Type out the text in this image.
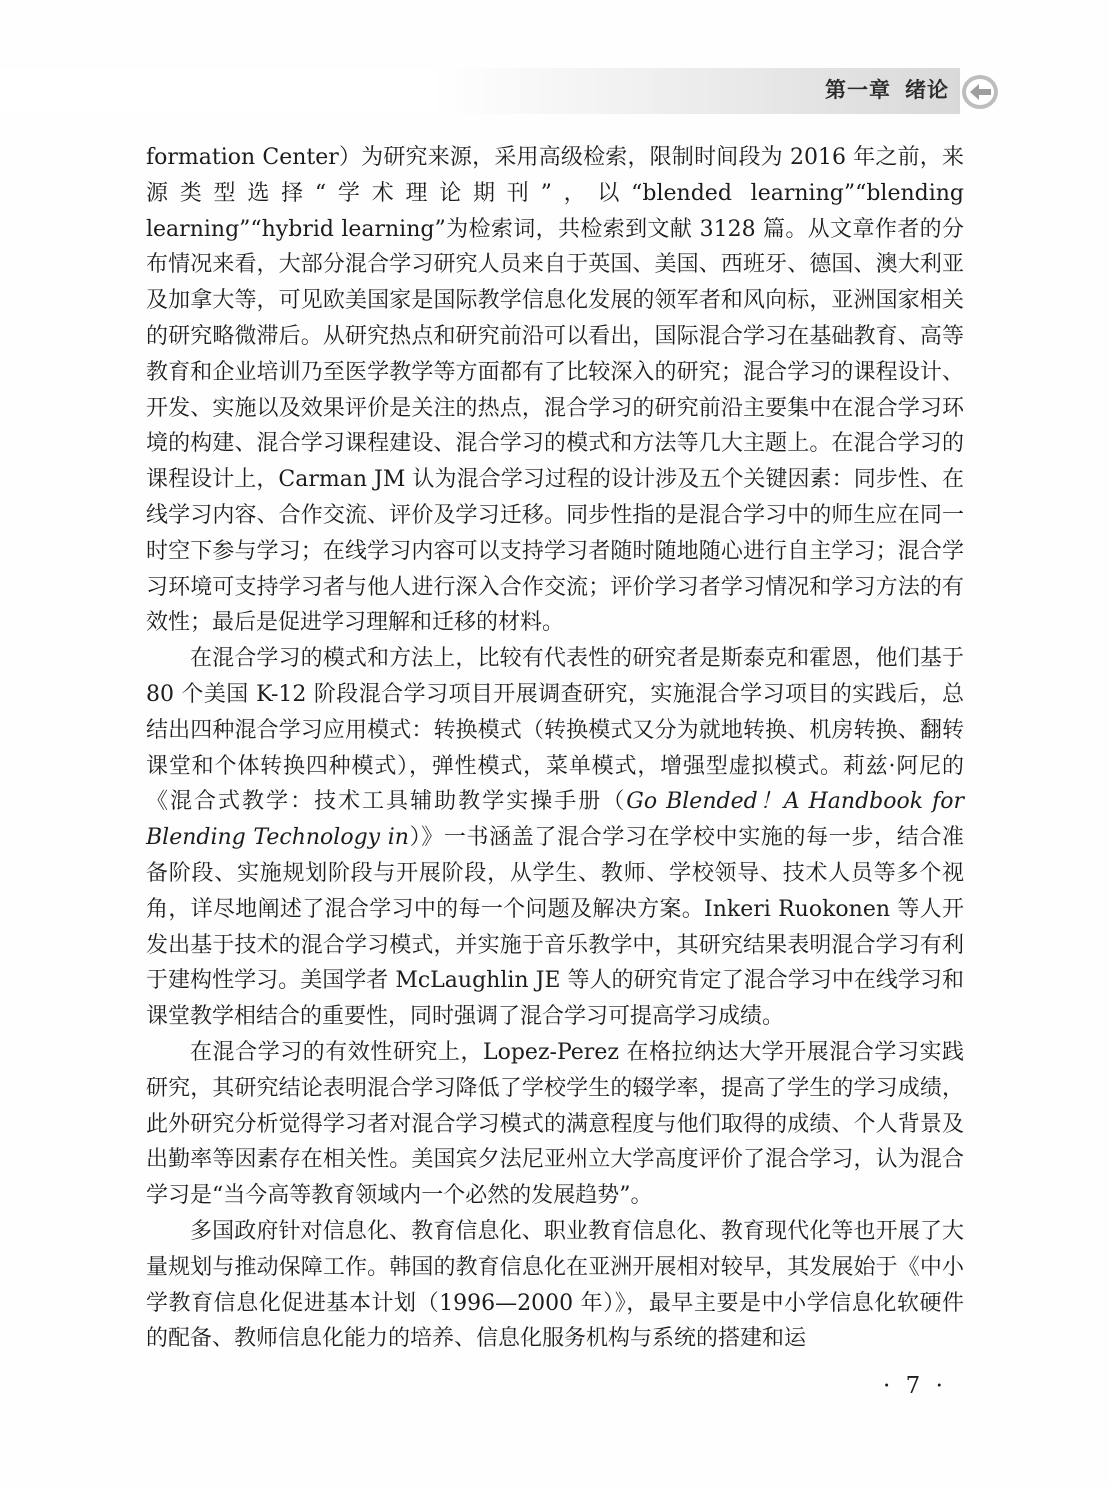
第一章 绪论

formation Center）为研究来源，采用高级检索，限制时间段为 2016 年之前，来源类型选择“学术理论期刊”，以“blended learning”“blending learning”“hybrid learning”为检索词，共检索到文献 3128 篇。从文章作者的分布情况来看，大部分混合学习研究人员来自于英国、美国、西班牙、德国、澳大利亚及加拿大等，可见欧美国家是国际教学信息化发展的领军者和风向标，亚洲国家相关的研究略微滞后。从研究热点和研究前沿可以看出，国际混合学习在基础教育、高等教育和企业培训乃至医学教学等方面都有了比较深入的研究；混合学习的课程设计、开发、实施以及效果评价是关注的热点，混合学习的研究前沿主要集中在混合学习环境的构建、混合学习课程建设、混合学习的模式和方法等几大主题上。在混合学习的课程设计上，Carman JM 认为混合学习过程的设计涉及五个关键因素：同步性、在线学习内容、合作交流、评价及学习迁移。同步性指的是混合学习中的师生应在同一时空下参与学习；在线学习内容可以支持学习者随时随地随心进行自主学习；混合学习环境可支持学习者与他人进行深入合作交流；评价学习者学习情况和学习方法的有效性；最后是促进学习理解和迁移的材料。

在混合学习的模式和方法上，比较有代表性的研究者是斯泰克和霍恩，他们基于 80 个美国 K-12 阶段混合学习项目开展调查研究，实施混合学习项目的实践后，总结出四种混合学习应用模式：转换模式（转换模式又分为就地转换、机房转换、翻转课堂和个体转换四种模式），弹性模式，菜单模式，增强型虚拟模式。莉兹·阿尼的《混合式教学：技术工具辅助教学实操手册（Go Blended！A Handbook for Blending Technology in）》一书涵盖了混合学习在学校中实施的每一步，结合准备阶段、实施规划阶段与开展阶段，从学生、教师、学校领导、技术人员等多个视角，详尽地阐述了混合学习中的每一个问题及解决方案。Inkeri Ruokonen 等人开发出基于技术的混合学习模式，并实施于音乐教学中，其研究结果表明混合学习有利于建构性学习。美国学者 McLaughlin JE 等人的研究肯定了混合学习中在线学习和课堂教学相结合的重要性，同时强调了混合学习可提高学习成绩。

在混合学习的有效性研究上，Lopez-Perez 在格拉纳达大学开展混合学习实践研究，其研究结论表明混合学习降低了学校学生的辍学率，提高了学生的学习成绩，此外研究分析觉得学习者对混合学习模式的满意程度与他们取得的成绩、个人背景及出勤率等因素存在相关性。美国宾夕法尼亚州立大学高度评价了混合学习，认为混合学习是“当今高等教育领域内一个必然的发展趋势”。

多国政府针对信息化、教育信息化、职业教育信息化、教育现代化等也开展了大量规划与推动保障工作。韩国的教育信息化在亚洲开展相对较早，其发展始于《中小学教育信息化促进基本计划（1996—2000 年）》，最早主要是中小学信息化软硬件的配备、教师信息化能力的培养、信息化服务机构与系统的搭建和运

· 7 ·
